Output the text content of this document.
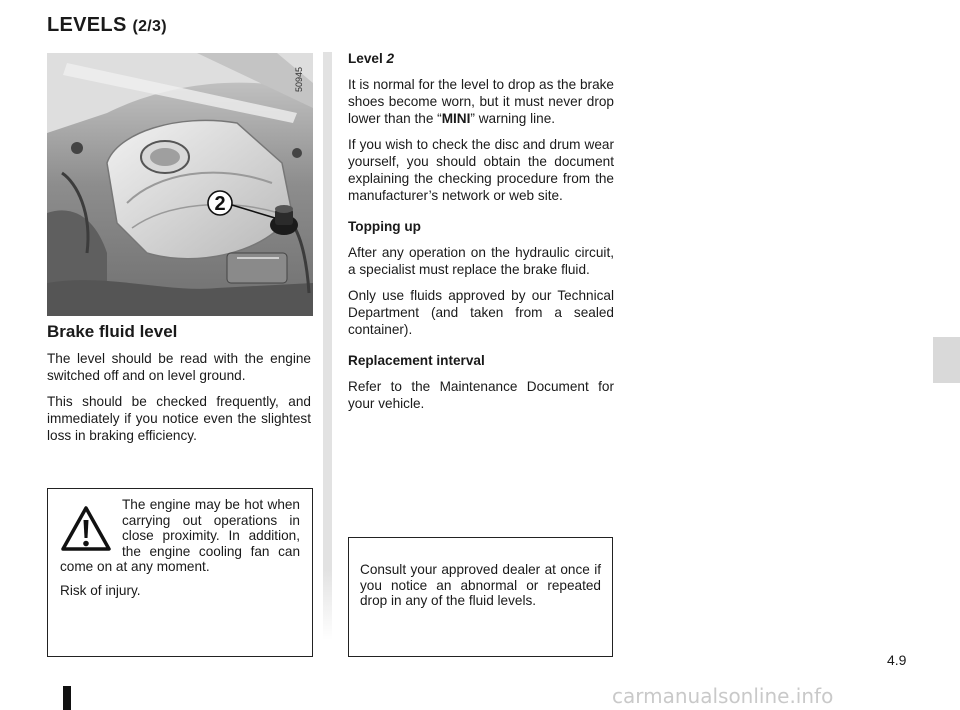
LEVELS (2/3)
2
50945
Brake fluid level

The level should be read with the engine switched off and on level ground.

This should be checked frequently, and immediately if you notice even the slightest loss in braking efficiency.

Level 2

It is normal for the level to drop as the brake shoes become worn, but it must never drop lower than the “MINI” warning line.

If you wish to check the disc and drum wear yourself, you should obtain the document explaining the checking procedure from the manufacturer’s network or web site.

Topping up

After any operation on the hydraulic circuit, a specialist must replace the brake fluid.

Only use fluids approved by our Technical Department (and taken from a sealed container).

Replacement interval

Refer to the Maintenance Document for your vehicle.

The engine may be hot when carrying out operations in close proximity. In addition, the engine cooling fan can come on at any moment.
Risk of injury.
Consult your approved dealer at once if you notice an abnormal or repeated drop in any of the fluid levels.
4.9
carmanualsonline.info
